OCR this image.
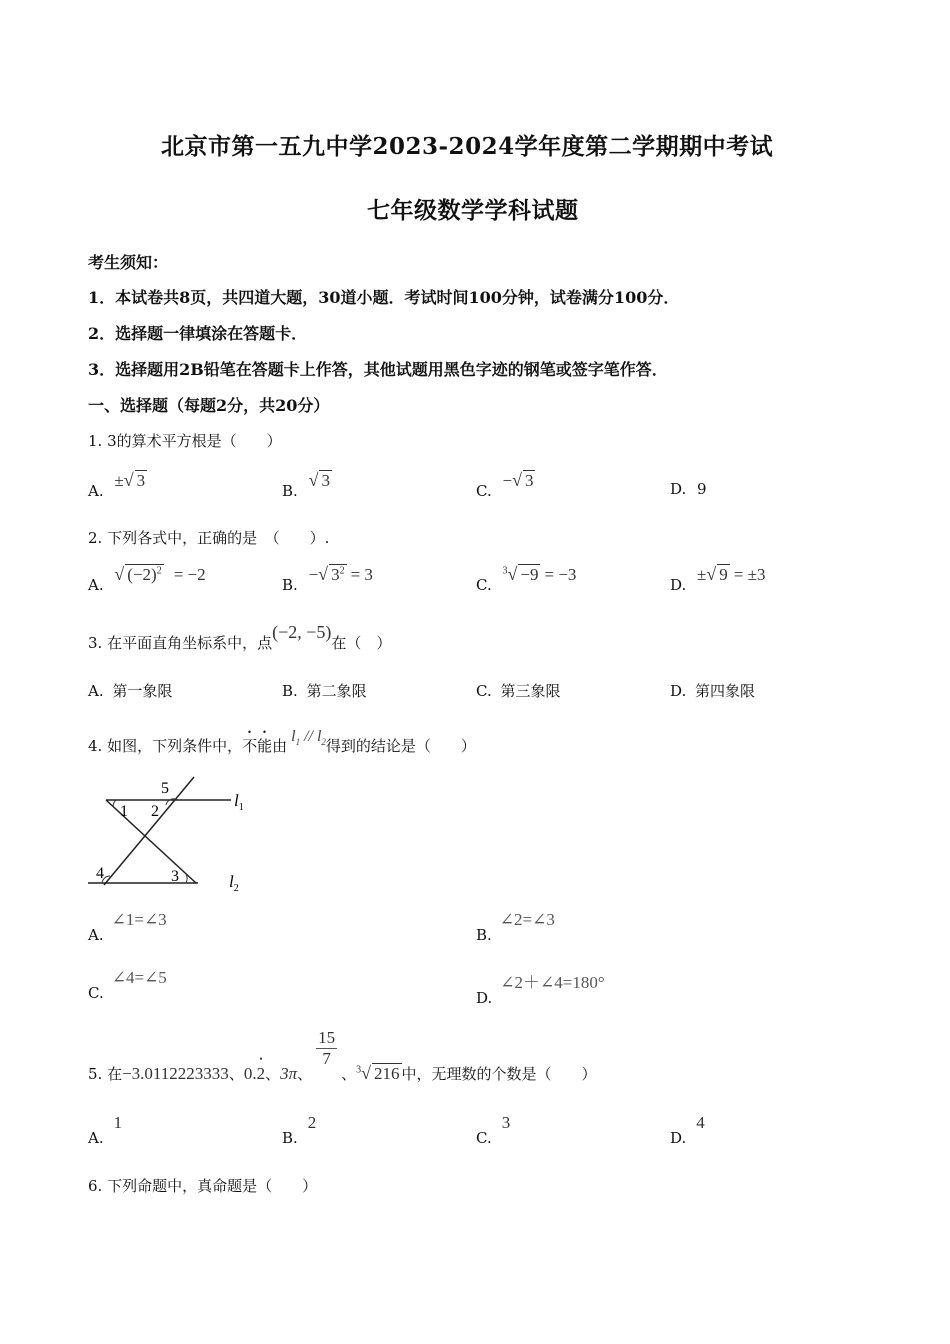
北京市第一五九中学2023-2024学年度第二学期期中考试
七年级数学学科试题
考生须知：
1．本试卷共8页，共四道大题，30道小题．考试时间100分钟，试卷满分100分．
2．选择题一律填涂在答题卡．
3．选择题用2B铅笔在答题卡上作答，其他试题用黑色字迹的钢笔或签字笔作答．
一、选择题（每题2分，共20分）
1. 3的算术平方根是（　　）
A. ±√ 3
B. √ 3
C. −√ 3	D. 9
2. 下列各式中，正确的是　（　　）.
A. √ $(-2)^2 = -2$
B. −√ $3^2 = 3$
C. $^3$√ −9 = −3
D. ±√ 9 = ±3
3. 在平面直角坐标系中，点(−2, −5)在（　）
A. 第一象限	B. 第二象限	C. 第三象限	D. 第四象限
4. 如图，下列条件中，不能由$l_1 // l_2$得到的结论是（　　）
5
1 2
4	3
$l_1$
$l_2$
A.∠1=∠3
B.∠2=∠3
C.∠4=∠5
D.∠2＋∠4=180°
5. 在−3.0112223333、0.2、3π、
$\frac{15}{7}$
、$^3$√ 216 中，无理数的个数是（　　）
A.1
B.2
C.3
D.4
6. 下列命题中，真命题是（　　）
